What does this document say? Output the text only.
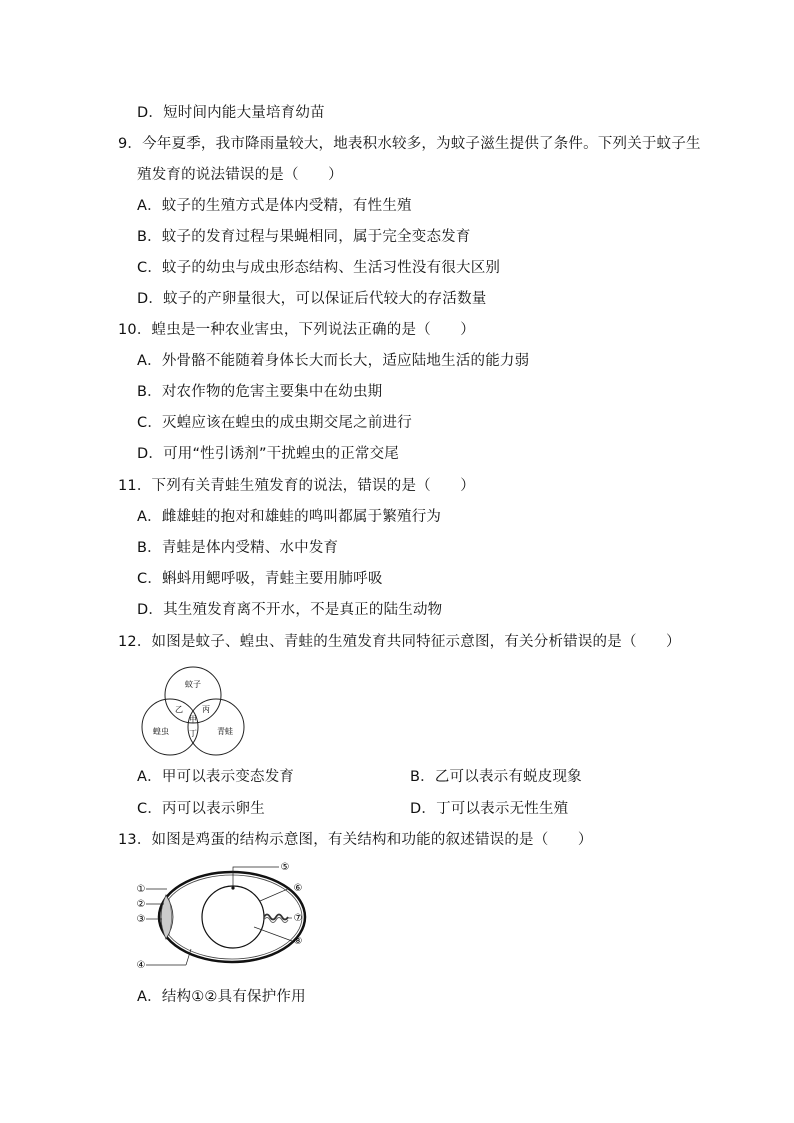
D．短时间内能大量培育幼苗
9．今年夏季，我市降雨量较大，地表积水较多，为蚊子滋生提供了条件。下列关于蚊子生
殖发育的说法错误的是（　　）
A．蚊子的生殖方式是体内受精，有性生殖
B．蚊子的发育过程与果蝇相同，属于完全变态发育
C．蚊子的幼虫与成虫形态结构、生活习性没有很大区别
D．蚊子的产卵量很大，可以保证后代较大的存活数量
10．蝗虫是一种农业害虫，下列说法正确的是（　　）
A．外骨骼不能随着身体长大而长大，适应陆地生活的能力弱
B．对农作物的危害主要集中在幼虫期
C．灭蝗应该在蝗虫的成虫期交尾之前进行
D．可用“性引诱剂”干扰蝗虫的正常交尾
11．下列有关青蛙生殖发育的说法，错误的是（　　）
A．雌雄蛙的抱对和雄蛙的鸣叫都属于繁殖行为
B．青蛙是体内受精、水中发育
C．蝌蚪用鳃呼吸，青蛙主要用肺呼吸
D．其生殖发育离不开水，不是真正的陆生动物
12．如图是蚊子、蝗虫、青蛙的生殖发育共同特征示意图，有关分析错误的是（　　）
蚊子
蝗虫	青蛙
乙 丙
甲
丁
A．甲可以表示变态发育	B．乙可以表示有蜕皮现象
C．丙可以表示卵生	D．丁可以表示无性生殖
13．如图是鸡蛋的结构示意图，有关结构和功能的叙述错误的是（　　）
①
②
③
④
⑤
⑥
⑦
⑧
A．结构①②具有保护作用
